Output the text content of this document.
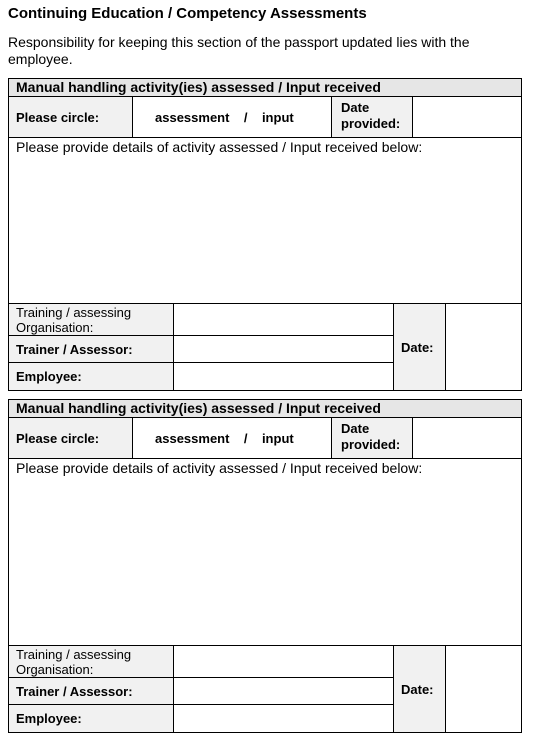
Continuing Education / Competency Assessments
Responsibility for keeping this section of the passport updated lies with the employee.
Manual handling activity(ies) assessed / Input received
Please circle:	assessment    /    input
Date
provided:
Please provide details of activity assessed / Input received below:
Training / assessing
Organisation:
Trainer / Assessor:
Employee:
Date:
Manual handling activity(ies) assessed / Input received
Please circle:	assessment    /    input
Date
provided:
Please provide details of activity assessed / Input received below:
Training / assessing
Organisation:
Trainer / Assessor:
Employee:
Date:
